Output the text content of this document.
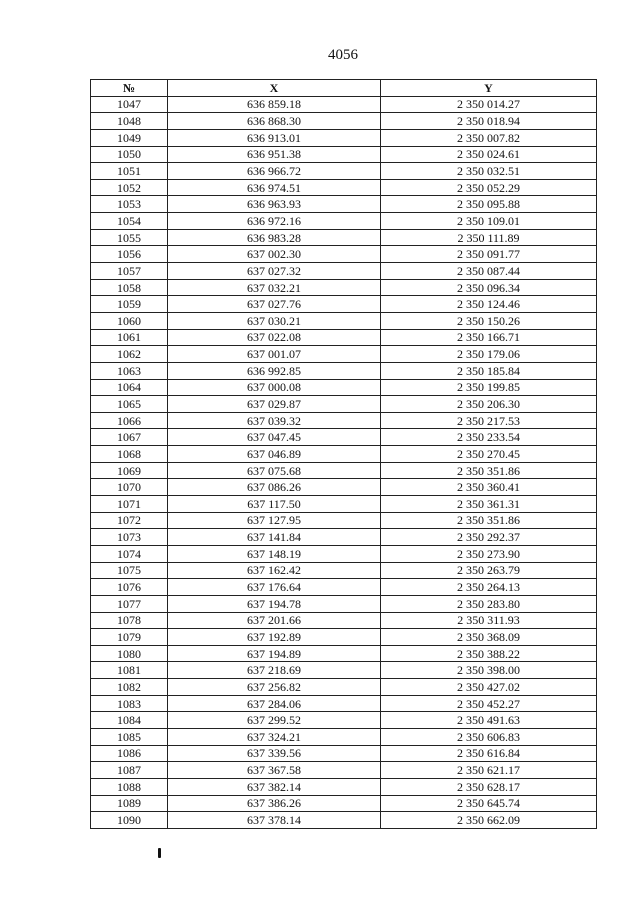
4056
№	X	Y
1047	636 859.18	2 350 014.27
1048	636 868.30	2 350 018.94
1049	636 913.01	2 350 007.82
1050	636 951.38	2 350 024.61
1051	636 966.72	2 350 032.51
1052	636 974.51	2 350 052.29
1053	636 963.93	2 350 095.88
1054	636 972.16	2 350 109.01
1055	636 983.28	2 350 111.89
1056	637 002.30	2 350 091.77
1057	637 027.32	2 350 087.44
1058	637 032.21	2 350 096.34
1059	637 027.76	2 350 124.46
1060	637 030.21	2 350 150.26
1061	637 022.08	2 350 166.71
1062	637 001.07	2 350 179.06
1063	636 992.85	2 350 185.84
1064	637 000.08	2 350 199.85
1065	637 029.87	2 350 206.30
1066	637 039.32	2 350 217.53
1067	637 047.45	2 350 233.54
1068	637 046.89	2 350 270.45
1069	637 075.68	2 350 351.86
1070	637 086.26	2 350 360.41
1071	637 117.50	2 350 361.31
1072	637 127.95	2 350 351.86
1073	637 141.84	2 350 292.37
1074	637 148.19	2 350 273.90
1075	637 162.42	2 350 263.79
1076	637 176.64	2 350 264.13
1077	637 194.78	2 350 283.80
1078	637 201.66	2 350 311.93
1079	637 192.89	2 350 368.09
1080	637 194.89	2 350 388.22
1081	637 218.69	2 350 398.00
1082	637 256.82	2 350 427.02
1083	637 284.06	2 350 452.27
1084	637 299.52	2 350 491.63
1085	637 324.21	2 350 606.83
1086	637 339.56	2 350 616.84
1087	637 367.58	2 350 621.17
1088	637 382.14	2 350 628.17
1089	637 386.26	2 350 645.74
1090	637 378.14	2 350 662.09
